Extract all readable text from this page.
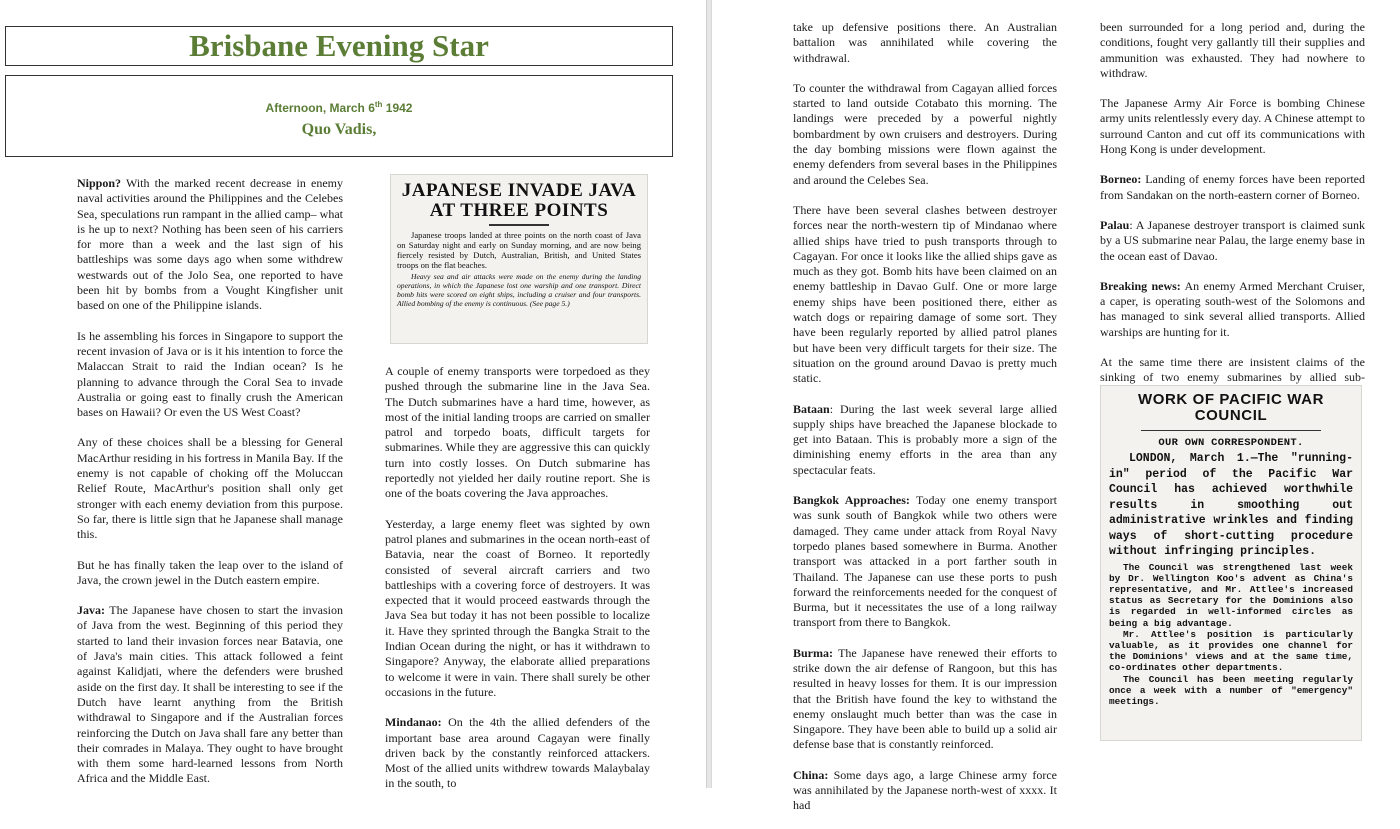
Brisbane Evening Star
Afternoon, March 6th 1942
Quo Vadis,

Nippon? With the marked recent decrease in enemy naval activities around the Philippines and the Celebes Sea, speculations run rampant in the allied camp– what is he up to next? Nothing has been seen of his carriers for more than a week and the last sign of his battleships was some days ago when some withdrew westwards out of the Jolo Sea, one reported to have been hit by bombs from a Vought Kingfisher unit based on one of the Philippine islands.

Is he assembling his forces in Singapore to support the recent invasion of Java or is it his intention to force the Malaccan Strait to raid the Indian ocean? Is he planning to advance through the Coral Sea to invade Australia or going east to finally crush the American bases on Hawaii? Or even the US West Coast?

Any of these choices shall be a blessing for General MacArthur residing in his fortress in Manila Bay. If the enemy is not capable of choking off the Moluccan Relief Route, MacArthur's position shall only get stronger with each enemy deviation from this purpose. So far, there is little sign that he Japanese shall manage this.

But he has finally taken the leap over to the island of Java, the crown jewel in the Dutch eastern empire.

Java: The Japanese have chosen to start the invasion of Java from the west. Beginning of this period they started to land their invasion forces near Batavia, one of Java's main cities. This attack followed a feint against Kalidjati, where the defenders were brushed aside on the first day. It shall be interesting to see if the Dutch have learnt anything from the British withdrawal to Singapore and if the Australian forces reinforcing the Dutch on Java shall fare any better than their comrades in Malaya. They ought to have brought with them some hard-learned lessons from North Africa and the Middle East.

JAPANESE INVADE JAVA AT THREE POINTS

Japanese troops landed at three points on the north coast of Java on Saturday night and early on Sunday morning, and are now being fiercely resisted by Dutch, Australian, British, and United States troops on the flat beaches.

Heavy sea and air attacks were made on the enemy during the landing operations, in which the Japanese lost one warship and one transport. Direct bomb hits were scored on eight ships, including a cruiser and four transports. Allied bombing of the enemy is continuous. (See page 5.)

A couple of enemy transports were torpedoed as they pushed through the submarine line in the Java Sea. The Dutch submarines have a hard time, however, as most of the initial landing troops are carried on smaller patrol and torpedo boats, difficult targets for submarines. While they are aggressive this can quickly turn into costly losses. On Dutch submarine has reportedly not yielded her daily routine report. She is one of the boats covering the Java approaches.

Yesterday, a large enemy fleet was sighted by own patrol planes and submarines in the ocean north-east of Batavia, near the coast of Borneo. It reportedly consisted of several aircraft carriers and two battleships with a covering force of destroyers. It was expected that it would proceed eastwards through the Java Sea but today it has not been possible to localize it. Have they sprinted through the Bangka Strait to the Indian Ocean during the night, or has it withdrawn to Singapore? Anyway, the elaborate allied preparations to welcome it were in vain. There shall surely be other occasions in the future.

Mindanao: On the 4th the allied defenders of the important base area around Cagayan were finally driven back by the constantly reinforced attackers. Most of the allied units withdrew towards Malaybalay in the south, to

take up defensive positions there. An Australian battalion was annihilated while covering the withdrawal.

To counter the withdrawal from Cagayan allied forces started to land outside Cotabato this morning. The landings were preceded by a powerful nightly bombardment by own cruisers and destroyers. During the day bombing missions were flown against the enemy defenders from several bases in the Philippines and around the Celebes Sea.

There have been several clashes between destroyer forces near the north-western tip of Mindanao where allied ships have tried to push transports through to Cagayan. For once it looks like the allied ships gave as much as they got. Bomb hits have been claimed on an enemy battleship in Davao Gulf. One or more large enemy ships have been positioned there, either as watch dogs or repairing damage of some sort. They have been regularly reported by allied patrol planes but have been very difficult targets for their size. The situation on the ground around Davao is pretty much static.

Bataan: During the last week several large allied supply ships have breached the Japanese blockade to get into Bataan. This is probably more a sign of the diminishing enemy efforts in the area than any spectacular feats.

Bangkok Approaches: Today one enemy transport was sunk south of Bangkok while two others were damaged. They came under attack from Royal Navy torpedo planes based somewhere in Burma. Another transport was attacked in a port farther south in Thailand. The Japanese can use these ports to push forward the reinforcements needed for the conquest of Burma, but it necessitates the use of a long railway transport from there to Bangkok.

Burma: The Japanese have renewed their efforts to strike down the air defense of Rangoon, but this has resulted in heavy losses for them. It is our impression that the British have found the key to withstand the enemy onslaught much better than was the case in Singapore. They have been able to build up a solid air defense base that is constantly reinforced.

China: Some days ago, a large Chinese army force was annihilated by the Japanese north-west of xxxx. It had

been surrounded for a long period and, during the conditions, fought very gallantly till their supplies and ammunition was exhausted. They had nowhere to withdraw.

The Japanese Army Air Force is bombing Chinese army units relentlessly every day. A Chinese attempt to surround Canton and cut off its communications with Hong Kong is under development.

Borneo: Landing of enemy forces have been reported from Sandakan on the north-eastern corner of Borneo.

Palau: A Japanese destroyer transport is claimed sunk by a US submarine near Palau, the large enemy base in the ocean east of Davao.

Breaking news: An enemy Armed Merchant Cruiser, a caper, is operating south-west of the Solomons and has managed to sink several allied transports. Allied warships are hunting for it.

At the same time there are insistent claims of the sinking of two enemy submarines by allied sub-

WORK OF PACIFIC WAR COUNCIL
OUR OWN CORRESPONDENT.

LONDON, March 1.—The "running-in" period of the Pacific War Council has achieved worthwhile results in smoothing out administrative wrinkles and finding ways of short-cutting procedure without infringing principles.

The Council was strengthened last week by Dr. Wellington Koo's advent as China's representative, and Mr. Attlee's increased status as Secretary for the Dominions also is regarded in well-informed circles as being a big advantage.

Mr. Attlee's position is particularly valuable, as it provides one channel for the Dominions' views and at the same time, co-ordinates other departments.

The Council has been meeting regularly once a week with a number of "emergency" meetings.
